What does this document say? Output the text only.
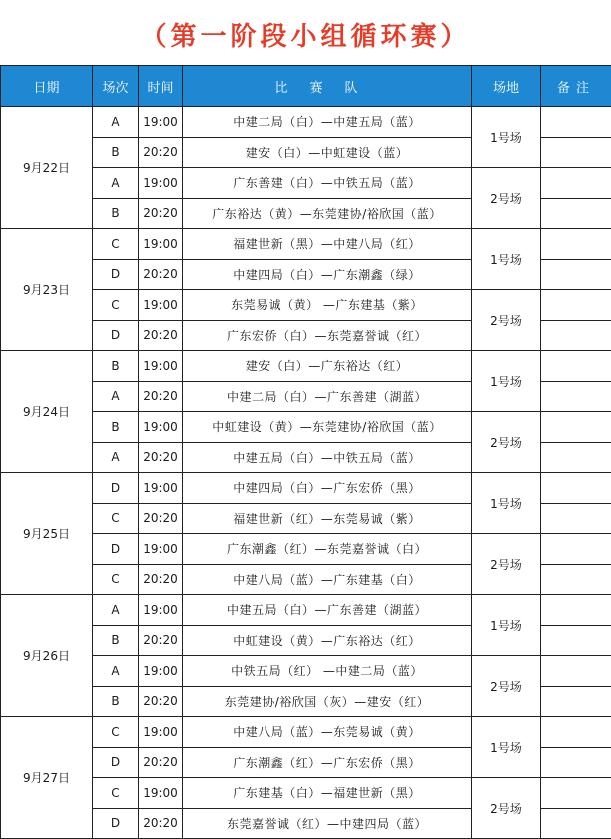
（第一阶段小组循环赛）
日期	场次	时间	比赛队	场地	备注
9月22日	A	19:00	中建二局（白）—中建五局（蓝）	1号场	
	B	20:20	建安（白）—中虹建设（蓝）		
	A	19:00	广东善建（白）—中铁五局（蓝）	2号场	
	B	20:20	广东裕达（黄）—东莞建协/裕欣国（蓝）		
9月23日	C	19:00	福建世新（黑）—中建八局（红）	1号场	
	D	20:20	中建四局（白）—广东潮鑫（绿）		
	C	19:00	东莞易诚（黄） —广东建基（紫）	2号场	
	D	20:20	广东宏侨（白）—东莞嘉誉诚（红）		
9月24日	B	19:00	建安（白）—广东裕达（红）	1号场	
	A	20:20	中建二局（白）—广东善建（湖蓝）		
	B	19:00	中虹建设（黄）—东莞建协/裕欣国（蓝）	2号场	
	A	20:20	中建五局（白）—中铁五局（蓝）		
9月25日	D	19:00	中建四局（白）—广东宏侨（黑）	1号场	
	C	20:20	福建世新（红）—东莞易诚（紫）		
	D	19:00	广东潮鑫（红）—东莞嘉誉诚（白）	2号场	
	C	20:20	中建八局（蓝）—广东建基（白）		
9月26日	A	19:00	中建五局（白）—广东善建（湖蓝）	1号场	
	B	20:20	中虹建设（黄）—广东裕达（红）		
	A	19:00	中铁五局（红） —中建二局（蓝）	2号场	
	B	20:20	东莞建协/裕欣国（灰）—建安（红）		
9月27日	C	19:00	中建八局（蓝）—东莞易诚（黄）	1号场	
	D	20:20	广东潮鑫（红）—广东宏侨（黑）		
	C	19:00	广东建基（白）—福建世新（黑）	2号场	
	D	20:20	东莞嘉誉诚（红）—中建四局（蓝）		
